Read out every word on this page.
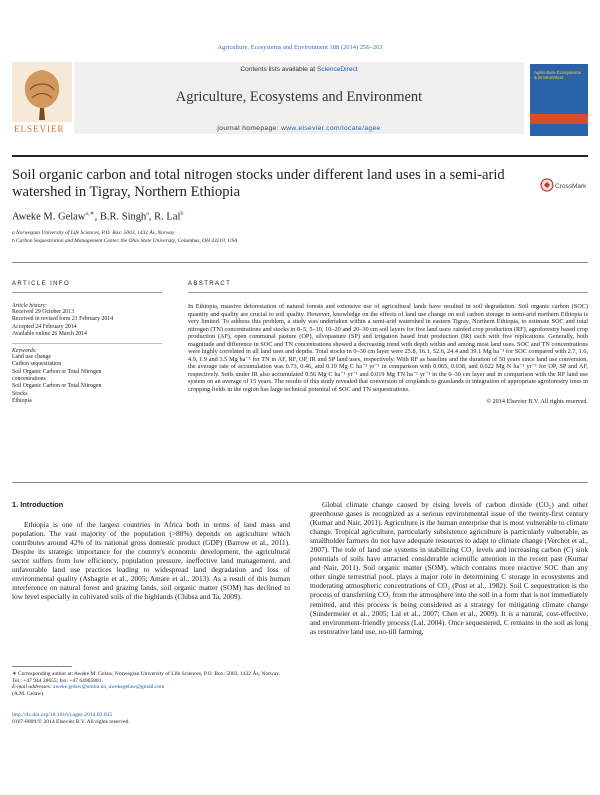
Agriculture, Ecosystems and Environment 188 (2014) 256–263
ELSEVIER
Contents lists available at ScienceDirect
Agriculture, Ecosystems and Environment
journal homepage: www.elsevier.com/locate/agee
Agriculture Ecosystems & Environment
Soil organic carbon and total nitrogen stocks under different land uses in a semi-arid watershed in Tigray, Northern Ethiopia	CrossMark
Aweke M. Gelaw$^{a,∗}$, B.R. Singh$^a$, R. Lal$^b$
a Norwegian University of Life Sciences, P.O. Box: 5003, 1432 Ås, Norway
b Carbon Sequestration and Management Center, the Ohio State University, Columbus, OH 43210, USA
ARTICLE INFO
Article history:
Received 29 October 2013
Received in revised form 21 February 2014
Accepted 24 February 2014
Available online 26 March 2014
Keywords:
Land use change
Carbon sequestration
Soil Organic Carbon or Total Nitrogen
concentrations
Soil Organic Carbon or Total Nitrogen
Stocks
Ethiopia
ABSTRACT

In Ethiopia, massive deforestation of natural forests and extensive use of agricultural lands have resulted in soil degradation. Soil organic carbon (SOC) quantity and quality are crucial to soil quality. However, knowledge on the effects of land use change on soil carbon storage in semi-arid northern Ethiopia is very limited. To address this problem, a study was undertaken within a semi-arid watershed in eastern Tigray, Northern Ethiopia, to estimate SOC and total nitrogen (TN) concentrations and stocks in 0–5, 5–10, 10–20 and 20–30 cm soil layers for five land uses: rainfed crop production (RF), agroforestry based crop production (AF), open communal pasture (OP), silvopasture (SP) and irrigation based fruit production (IR) each with five replications. Generally, both magnitude and difference in SOC and TN concentrations showed a decreasing trend with depth within and among most land uses. SOC and TN concentrations were highly correlated in all land uses and depths. Total stocks in 0–30 cm layer were 25.8, 16.1, 52.6, 24.4 and 39.1 Mg ha⁻¹ for SOC compared with 2.7, 1.6, 4.9, 1.9 and 3.5 Mg ha⁻¹ for TN in AF, RF, OP, IR and SP land uses, respectively. With RF as baseline and the duration of 50 years since land use conversion, the average rate of accumulation was 0.73, 0.46, and 0.19 Mg C ha⁻¹ yr⁻¹ in comparison with 0.065, 0.038, and 0.022 Mg N ha⁻¹ yr⁻¹ for OP, SP and AF, respectively. Soils under IR also accumulated 0.56 Mg C ha⁻¹ yr⁻¹ and 0.019 Mg TN ha⁻¹ yr⁻¹ in the 0–30 cm layer and in comparison with the RF land use system on an average of 15 years. The results of this study revealed that conversion of croplands to grasslands or integration of appropriate agroforestry trees in cropping fields in the region has large technical potential of SOC and TN sequestrations.

© 2014 Elsevier B.V. All rights reserved.
1. Introduction

Ethiopia is one of the largest countries in Africa both in terms of land mass and population. The vast majority of the population (>80%) depends on agriculture which contributes around 42% of its national gross domestic product (GDP) (Barrow et al., 2011). Despite its strategic importance for the country's economic development, the agricultural sector suffers from low efficiency, population pressure, ineffective land management, and unfavorable land use practices leading to widespread land degradation and loss of environmental quality (Ashagrie et al., 2005; Amare et al., 2013). As a result of this human interference on natural forest and grazing lands, soil organic matter (SOM) has declined to low level especially in cultivated soils of the highlands (Chibsa and Ta, 2009).

Global climate change caused by rising levels of carbon dioxide (CO₂) and other greenhouse gases is recognized as a serious environmental issue of the twenty-first century (Kumar and Nair, 2011). Agriculture is the human enterprise that is most vulnerable to climate change. Tropical agriculture, particularly subsistence agriculture is particularly vulnerable, as smallholder farmers do not have adequate resources to adapt to climate change (Verchot et al., 2007). The role of land use systems in stabilizing CO₂ levels and increasing carbon (C) sink potentials of soils have attracted considerable scientific attention in the recent past (Kumar and Nair, 2011). Soil organic matter (SOM), which contains more reactive SOC than any other single terrestrial pool, plays a major role in determining C storage in ecosystems and moderating atmospheric concentrations of CO₂ (Post et al., 1982). Soil C sequestration is the process of transferring CO₂ from the atmosphere into the soil in a form that is not immediately remitted, and this process is being considered as a strategy for mitigating climate change (Sundermeier et al., 2005; Lal et al., 2007; Chen et al., 2009). It is a natural, cost-effective, and environment-friendly process (Lal, 2004). Once sequestered, C remains in the soil as long as restorative land use, no-till farming,

∗ Corresponding author at: Aweke M. Gelaw, Norwegian University of Life Sciences, P.O. Box: 5003, 1432 Ås, Norway. Tel.: +47 944 28655; fax: +47 64965801.
E-mail addresses: aweke.gelaw@nmbu.no, awekegelaw@gmail.com
(A.M. Gelaw).
http://dx.doi.org/10.1016/j.agee.2014.02.035
0167-8809/© 2014 Elsevier B.V. All rights reserved.
